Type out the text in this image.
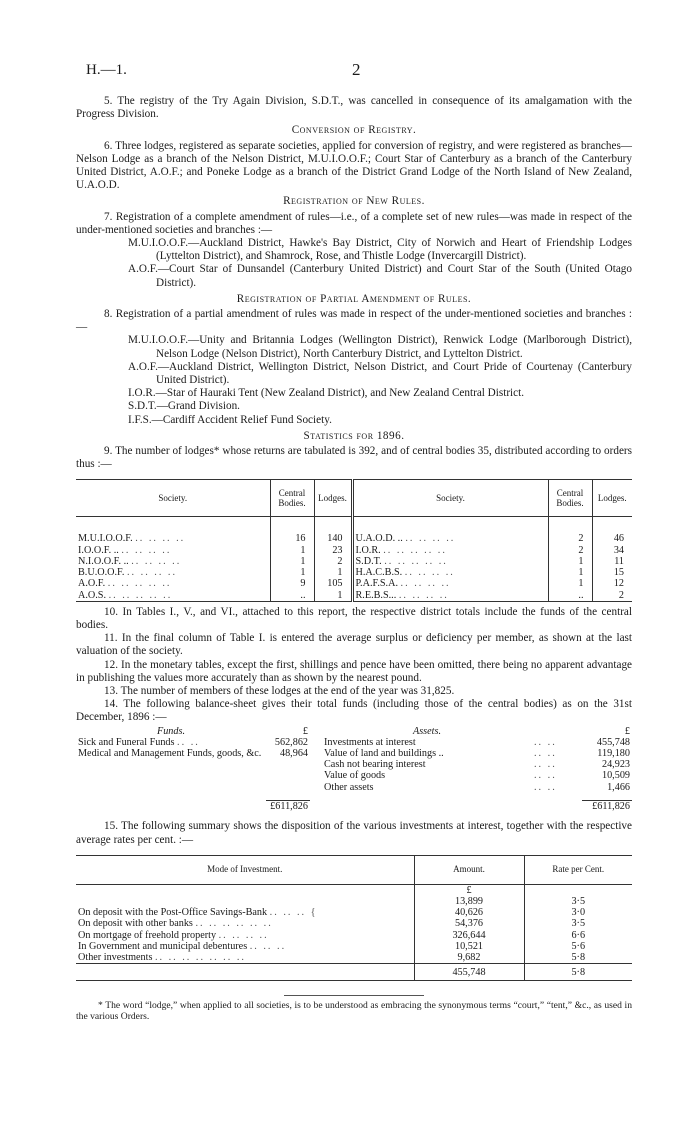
H.—1.	2

5. The registry of the Try Again Division, S.D.T., was cancelled in consequence of its amalgamation with the Progress Division.

Conversion of Registry.

6. Three lodges, registered as separate societies, applied for conversion of registry, and were registered as branches—Nelson Lodge as a branch of the Nelson District, M.U.I.O.O.F.; Court Star of Canterbury as a branch of the Canterbury United District, A.O.F.; and Poneke Lodge as a branch of the District Grand Lodge of the North Island of New Zealand, U.A.O.D.

Registration of New Rules.

7. Registration of a complete amendment of rules—i.e., of a complete set of new rules—was made in respect of the under-mentioned societies and branches :—

M.U.I.O.O.F.—Auckland District, Hawke's Bay District, City of Norwich and Heart of Friendship Lodges (Lyttelton District), and Shamrock, Rose, and Thistle Lodge (Invercargill District).

A.O.F.—Court Star of Dunsandel (Canterbury United District) and Court Star of the South (United Otago District).

Registration of Partial Amendment of Rules.

8. Registration of a partial amendment of rules was made in respect of the under-mentioned societies and branches :—

M.U.I.O.O.F.—Unity and Britannia Lodges (Wellington District), Renwick Lodge (Marlborough District), Nelson Lodge (Nelson District), North Canterbury District, and Lyttelton District.

A.O.F.—Auckland District, Wellington District, Nelson District, and Court Pride of Courtenay (Canterbury United District).

I.O.R.—Star of Hauraki Tent (New Zealand District), and New Zealand Central District.

S.D.T.—Grand Division.

I.F.S.—Cardiff Accident Relief Fund Society.

Statistics for 1896.

9. The number of lodges* whose returns are tabulated is 392, and of central bodies 35, distributed according to orders thus :—

Society.	Central Bodies.	Lodges.	Society.	Central Bodies.	Lodges.

M.U.I.O.O.F. .. .. .. ..	16	140	U.A.O.D. .. .. .. .. ..	2	46
I.O.O.F. .. .. .. .. ..	1	23	I.O.R. .. .. .. .. ..	2	34
N.I.O.O.F. .. .. .. .. ..	1	2	S.D.T. .. .. .. .. ..	1	11
B.U.O.O.F. .. .. .. ..	1	1	H.A.C.B.S. .. .. .. ..	1	15
A.O.F. .. .. .. .. ..	9	105	P.A.F.S.A. .. .. .. ..	1	12
A.O.S. .. .. .. .. ..	..	1	R.E.B.S... .. .. .. ..	..	2

10. In Tables I., V., and VI., attached to this report, the respective district totals include the funds of the central bodies.

11. In the final column of Table I. is entered the average surplus or deficiency per member, as shown at the last valuation of the society.

12. In the monetary tables, except the first, shillings and pence have been omitted, there being no apparent advantage in publishing the values more accurately than as shown by the nearest pound.

13. The number of members of these lodges at the end of the year was 31,825.

14. The following balance-sheet gives their total funds (including those of the central bodies) as on the 31st December, 1896 :—

Funds.	£		Assets.		£
Sick and Funeral Funds .. ..	562,862		Investments at interest	.. ..	455,748
Medical and Management Funds, goods, &c.	48,964		Value of land and buildings ..	.. ..	119,180
			Cash not bearing interest	.. ..	24,923
			Value of goods	.. ..	10,509
			Other assets	.. ..	1,466

	£611,826				£611,826

15. The following summary shows the disposition of the various investments at interest, together with the respective average rates per cent. :—

Mode of Investment.	Amount.	Rate per Cent.
	£	
	13,899	3·5
On deposit with the Post-Office Savings-Bank .. .. .. {	40,626	3·0
On deposit with other banks .. .. .. .. .. ..	54,376	3·5
On mortgage of freehold property .. .. .. ..	326,644	6·6
In Government and municipal debentures .. .. ..	10,521	5·6
Other investments .. .. .. .. .. .. ..	9,682	5·8
	455,748	5·8

* The word “lodge,” when applied to all societies, is to be understood as embracing the synonymous terms “court,” “tent,” &c., as used in the various Orders.
